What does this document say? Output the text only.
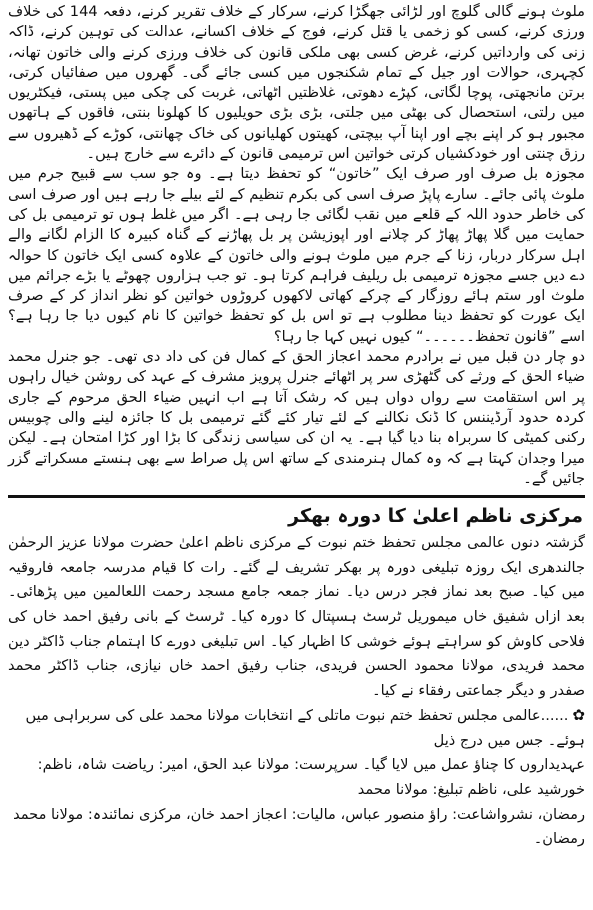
ملوث ہونے گالی گلوچ اور لڑائی جھگڑا کرنے، سرکار کے خلاف تقریر کرنے، دفعہ 144 کی خلاف ورزی کرنے، کسی کو زخمی یا قتل کرنے، فوج کے خلاف اکسانے، عدالت کی توہین کرنے، ڈاکہ زنی کی وارداتیں کرنے، غرض کسی بھی ملکی قانون کی خلاف ورزی کرنے والی خاتون تھانہ، کچہری، حوالات اور جیل کے تمام شکنجوں میں کسی جائے گی۔ گھروں میں صفائیاں کرتی، برتن مانجھتی، پوچا لگاتی، کپڑے دھوتی، غلاظتیں اٹھاتی، غربت کی چکی میں پستی، فیکٹریوں میں رلتی، استحصال کی بھٹی میں جلتی، بڑی بڑی حویلیوں کا کھلونا بنتی، فاقوں کے ہاتھوں مجبور ہو کر اپنے بچے اور اپنا آپ بیچتی، کھیتوں کھلیانوں کی خاک چھانتی، کوڑے کے ڈھیروں سے رزق چنتی اور خودکشیاں کرتی خواتین اس ترمیمی قانون کے دائرے سے خارج ہیں۔

مجوزہ بل صرف اور صرف ایک ”خاتون“ کو تحفظ دیتا ہے۔ وہ جو سب سے قبیح جرم میں ملوث پائی جائے۔ سارے پاپڑ صرف اسی کی بکرم تنظیم کے لئے بیلے جا رہے ہیں اور صرف اسی کی خاطر حدود اللہ کے قلعے میں نقب لگائی جا رہی ہے۔ اگر میں غلط ہوں تو ترمیمی بل کی حمایت میں گلا پھاڑ پھاڑ کر چلانے اور اپوزیشن پر بل پھاڑنے کے گناہ کبیرہ کا الزام لگانے والے اہل سرکار دربار، زنا کے جرم میں ملوث ہونے والی خاتون کے علاوہ کسی ایک خاتون کا حوالہ دے دیں جسے مجوزہ ترمیمی بل ریلیف فراہم کرتا ہو۔ تو جب ہزاروں چھوٹے یا بڑے جرائم میں ملوث اور ستم ہائے روزگار کے چرکے کھاتی لاکھوں کروڑوں خواتین کو نظر انداز کر کے صرف ایک عورت کو تحفظ دینا مطلوب ہے تو اس بل کو تحفظ خواتین کا نام کیوں دیا جا رہا ہے؟ اسے ”قانون تحفظ۔۔۔۔۔۔“ کیوں نہیں کہا جا رہا؟

دو چار دن قبل میں نے برادرم محمد اعجاز الحق کے کمال فن کی داد دی تھی۔ جو جنرل محمد ضیاء الحق کے ورثے کی گٹھڑی سر پر اٹھائے جنرل پرویز مشرف کے عہد کی روشن خیال راہوں پر اس استقامت سے رواں دواں ہیں کہ رشک آتا ہے اب انہیں ضیاء الحق مرحوم کے جاری کردہ حدود آرڈیننس کا ڈنک نکالنے کے لئے تیار کئے گئے ترمیمی بل کا جائزہ لینے والی چوبیس رکنی کمیٹی کا سربراہ بنا دیا گیا ہے۔ یہ ان کی سیاسی زندگی کا بڑا اور کڑا امتحان ہے۔ لیکن میرا وجدان کہتا ہے کہ وہ کمال ہنرمندی کے ساتھ اس پل صراط سے بھی ہنستے مسکراتے گزر جائیں گے۔

مرکزی ناظم اعلیٰ کا دورہ بھکر

گزشتہ دنوں عالمی مجلس تحفظ ختم نبوت کے مرکزی ناظم اعلیٰ حضرت مولانا عزیز الرحمٰن جالندھری ایک روزہ تبلیغی دورہ پر بھکر تشریف لے گئے۔ رات کا قیام مدرسہ جامعہ فاروقیہ میں کیا۔ صبح بعد نماز فجر درس دیا۔ نماز جمعہ جامع مسجد رحمت اللعالمین میں پڑھائی۔ بعد ازاں شفیق خاں میموریل ٹرسٹ ہسپتال کا دورہ کیا۔ ٹرسٹ کے بانی رفیق احمد خاں کی فلاحی کاوش کو سراہتے ہوئے خوشی کا اظہار کیا۔ اس تبلیغی دورے کا اہتمام جناب ڈاکٹر دین محمد فریدی، مولانا محمود الحسن فریدی، جناب رفیق احمد خاں نیازی، جناب ڈاکٹر محمد صفدر و دیگر جماعتی رفقاء نے کیا۔

✿......عالمی مجلس تحفظ ختم نبوت ماتلی کے انتخابات مولانا محمد علی کی سربراہی میں ہوئے۔ جس میں درج ذیل
عہدیداروں کا چناؤ عمل میں لایا گیا۔ سرپرست: مولانا عبد الحق، امیر: ریاضت شاہ، ناظم: خورشید علی، ناظم تبلیغ: مولانا محمد
رمضان، نشرواشاعت: راؤ منصور عباس، مالیات: اعجاز احمد خان، مرکزی نمائندہ: مولانا محمد رمضان۔
